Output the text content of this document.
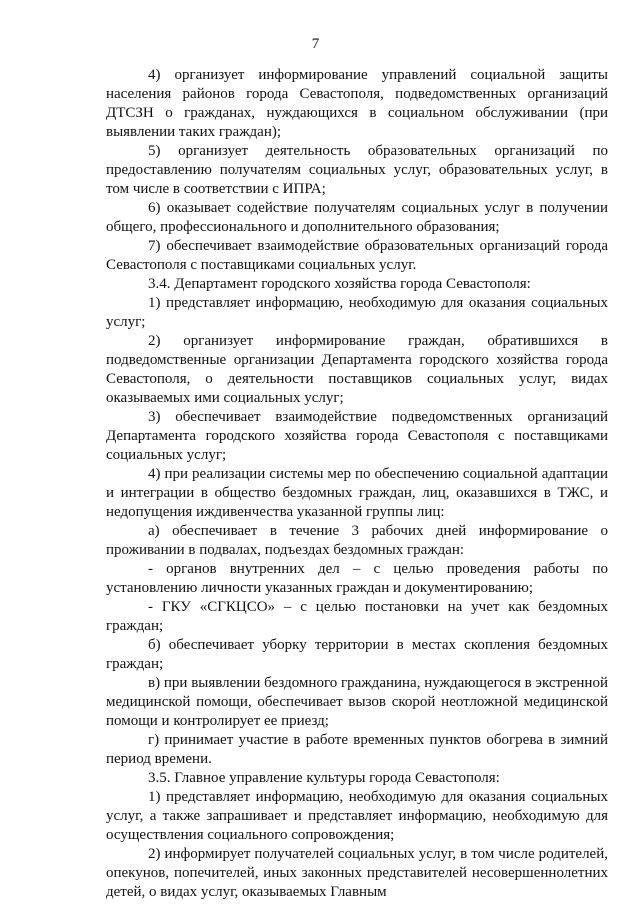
7

4) организует информирование управлений социальной защиты населения районов города Севастополя, подведомственных организаций ДТСЗН о гражданах, нуждающихся в социальном обслуживании (при выявлении таких граждан);

5) организует деятельность образовательных организаций по предоставлению получателям социальных услуг, образовательных услуг, в том числе в соответствии с ИПРА;

6) оказывает содействие получателям социальных услуг в получении общего, профессионального и дополнительного образования;

7) обеспечивает взаимодействие образовательных организаций города Севастополя с поставщиками социальных услуг.

3.4. Департамент городского хозяйства города Севастополя:

1) представляет информацию, необходимую для оказания социальных услуг;

2) организует информирование граждан, обратившихся в подведомственные организации Департамента городского хозяйства города Севастополя, о деятельности поставщиков социальных услуг, видах оказываемых ими социальных услуг;

3) обеспечивает взаимодействие подведомственных организаций Департамента городского хозяйства города Севастополя с поставщиками социальных услуг;

4) при реализации системы мер по обеспечению социальной адаптации и интеграции в общество бездомных граждан, лиц, оказавшихся в ТЖС, и недопущения иждивенчества указанной группы лиц:

а) обеспечивает в течение 3 рабочих дней информирование о проживании в подвалах, подъездах бездомных граждан:

- органов внутренних дел – с целью проведения работы по установлению личности указанных граждан и документированию;

- ГКУ «СГКЦСО» – с целью постановки на учет как бездомных граждан;

б) обеспечивает уборку территории в местах скопления бездомных граждан;

в) при выявлении бездомного гражданина, нуждающегося в экстренной медицинской помощи, обеспечивает вызов скорой неотложной медицинской помощи и контролирует ее приезд;

г) принимает участие в работе временных пунктов обогрева в зимний период времени.

3.5. Главное управление культуры города Севастополя:

1) представляет информацию, необходимую для оказания социальных услуг, а также запрашивает и представляет информацию, необходимую для осуществления социального сопровождения;

2) информирует получателей социальных услуг, в том числе родителей, опекунов, попечителей, иных законных представителей несовершеннолетних детей, о видах услуг, оказываемых Главным
